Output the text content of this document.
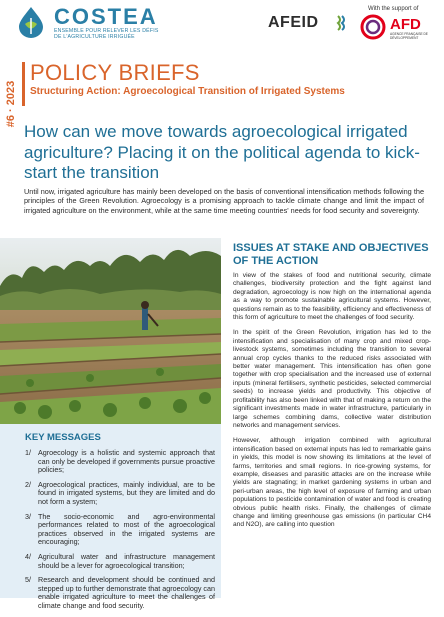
COSTEA
ENSEMBLE POUR RELEVER LES DÉFIS DE L'AGRICULTURE IRRIGUÉE
AFEID
With the support of
AFD
AGENCE FRANÇAISE DE DÉVELOPPEMENT
#6 · 2023
POLICY BRIEFS
Structuring Action: Agroecological Transition of Irrigated Systems
How can we move towards agroecological irrigated agriculture? Placing it on the political agenda to kick-start the transition
Until now, irrigated agriculture has mainly been developed on the basis of conventional intensification methods following the principles of the Green Revolution. Agroecology is a promising approach to tackle climate change and limit the impact of irrigated agriculture on the environment, while at the same time meeting countries' needs for food security and sovereignty.
KEY MESSAGES
1/ Agroecology is a holistic and systemic approach that can only be developed if governments pursue proactive policies;
2/ Agroecological practices, mainly individual, are to be found in irrigated systems, but they are limited and do not form a system;
3/ The socio-economic and agro-environmental performances related to most of the agroecological practices observed in the irrigated systems are encouraging;
4/ Agricultural water and infrastructure management should be a lever for agroecological transition;
5/ Research and development should be continued and stepped up to further demonstrate that agroecology can enable irrigated agriculture to meet the challenges of climate change and food security.
ISSUES AT STAKE AND OBJECTIVES OF THE ACTION

In view of the stakes of food and nutritional security, climate challenges, biodiversity protection and the fight against land degradation, agroecology is now high on the international agenda as a way to promote sustainable agricultural systems. However, questions remain as to the feasibility, efficiency and effectiveness of this form of agriculture to meet the challenges of food security.

In the spirit of the Green Revolution, irrigation has led to the intensification and specialisation of many crop and mixed crop-livestock systems, sometimes including the transition to several annual crop cycles thanks to the reduced risks associated with better water management. This intensification has often gone together with crop specialisation and the increased use of external inputs (mineral fertilisers, synthetic pesticides, selected commercial seeds) to increase yields and productivity. This objective of profitability has also been linked with that of making a return on the significant investments made in water infrastructure, particularly in large schemes combining dams, collective water distribution networks and management services.

However, although irrigation combined with agricultural intensification based on external inputs has led to remarkable gains in yields, this model is now showing its limitations at the level of farms, territories and small regions. In rice-growing systems, for example, diseases and parasitic attacks are on the increase while yields are stagnating; in market gardening systems in urban and peri-urban areas, the high level of exposure of farming and urban populations to pesticide contamination of water and food is creating obvious public health risks. Finally, the challenges of climate change and limiting greenhouse gas emissions (in particular CH4 and N2O), are calling into question
